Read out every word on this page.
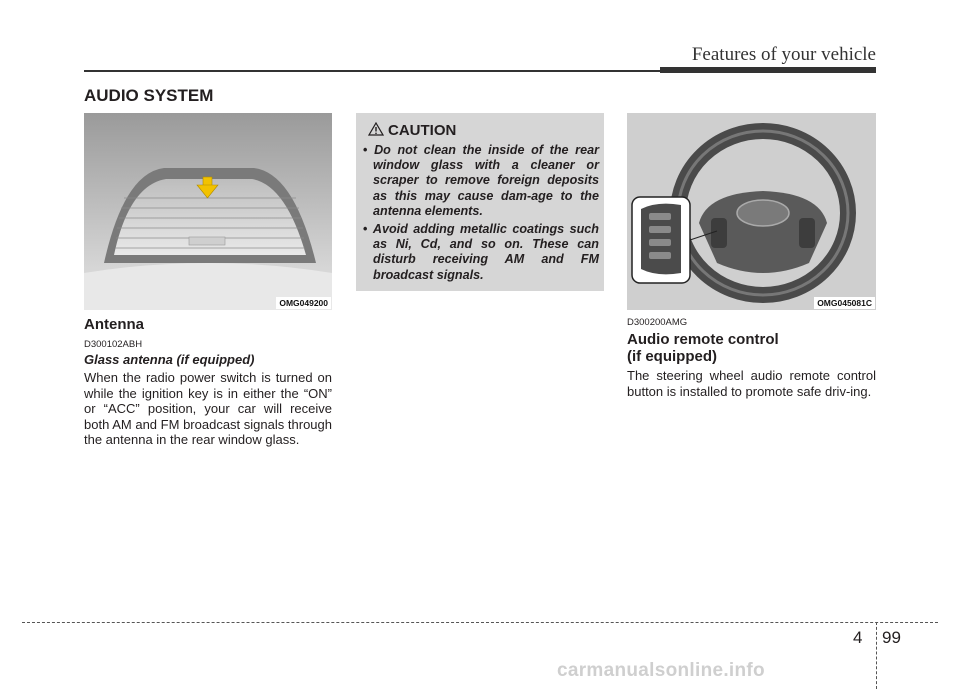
Features of your vehicle
AUDIO SYSTEM
OMG049200
Antenna
D300102ABH
Glass antenna (if equipped)

When the radio power switch is turned on while the ignition key is in either the “ON” or “ACC” position, your car will receive both AM and FM broadcast signals through the antenna in the rear window glass.

CAUTION
• Do not clean the inside of the rear window glass with a cleaner or scraper to remove foreign deposits as this may cause dam-age to the antenna elements.
• Avoid adding metallic coatings such as Ni, Cd, and so on. These can disturb receiving AM and FM broadcast signals.
OMG045081C
D300200AMG
Audio remote control
(if equipped)

The steering wheel audio remote control button is installed to promote safe driv-ing.

4 99
carmanualsonline.info
